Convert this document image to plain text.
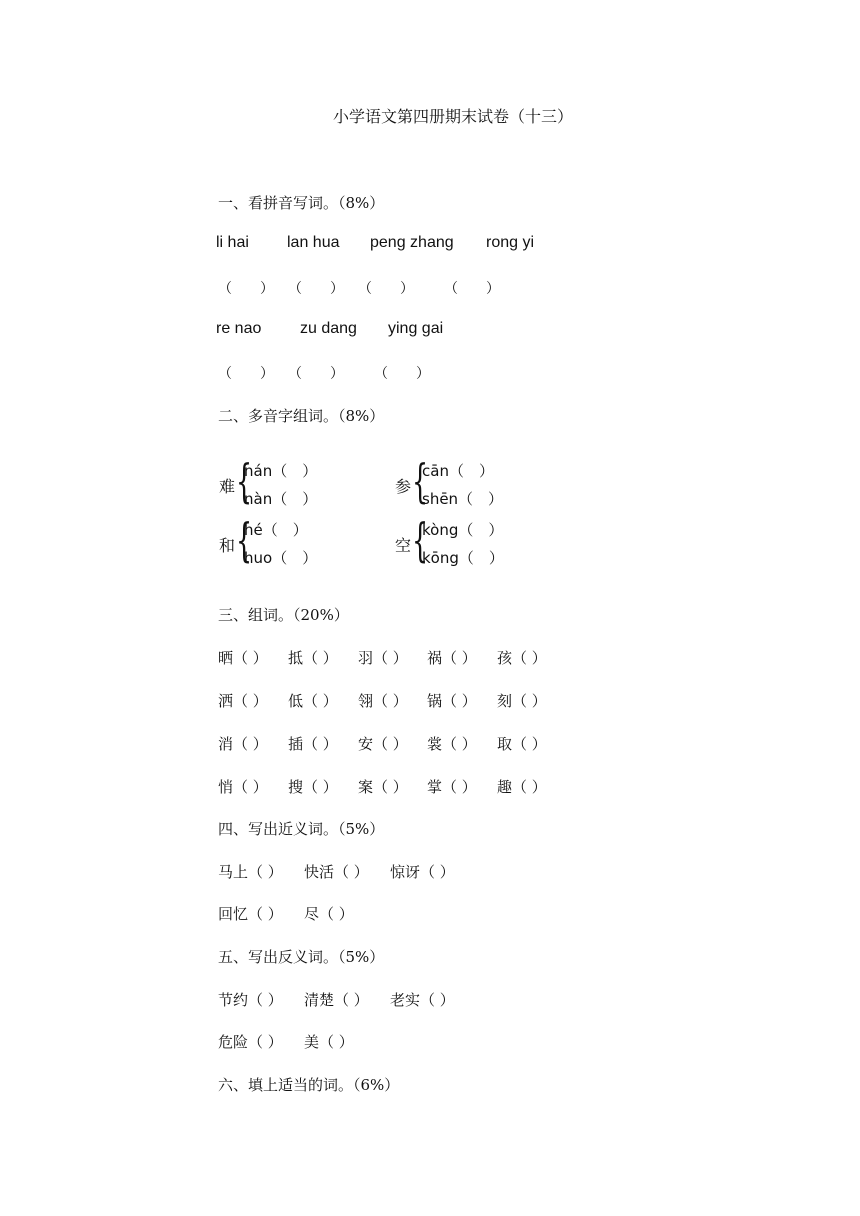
小学语文第四册期末试卷（十三）
一、看拼音写词。（8%）
li hai lan hua peng zhang rong yi
（　　） （　　） （　　） （　　）
re nao zu dang ying gai
（　　） （　　） （　　）
二、多音字组词。（8%）
难 {
nán（　）
nàn（　）
参 {
cān（　）
shēn（　）
和 {
hé（　）
huo（　）
空 {
kòng（　）
kōng（　）
三、组词。（20%）
晒（ ）	抵（ ）	羽（ ）	祸（ ）	孩（ ）
洒（ ）	低（ ）	翎（ ）	锅（ ）	刻（ ）
消（ ）	插（ ）	安（ ）	裳（ ）	取（ ）
悄（ ）	搜（ ）	案（ ）	掌（ ）	趣（ ）
四、写出近义词。（5%）
马上（ ）	快活（ ）	惊讶（ ）
回忆（ ）	尽（ ）
五、写出反义词。（5%）
节约（ ）	清楚（ ）	老实（ ）
危险（ ）	美（ ）
六、填上适当的词。（6%）
